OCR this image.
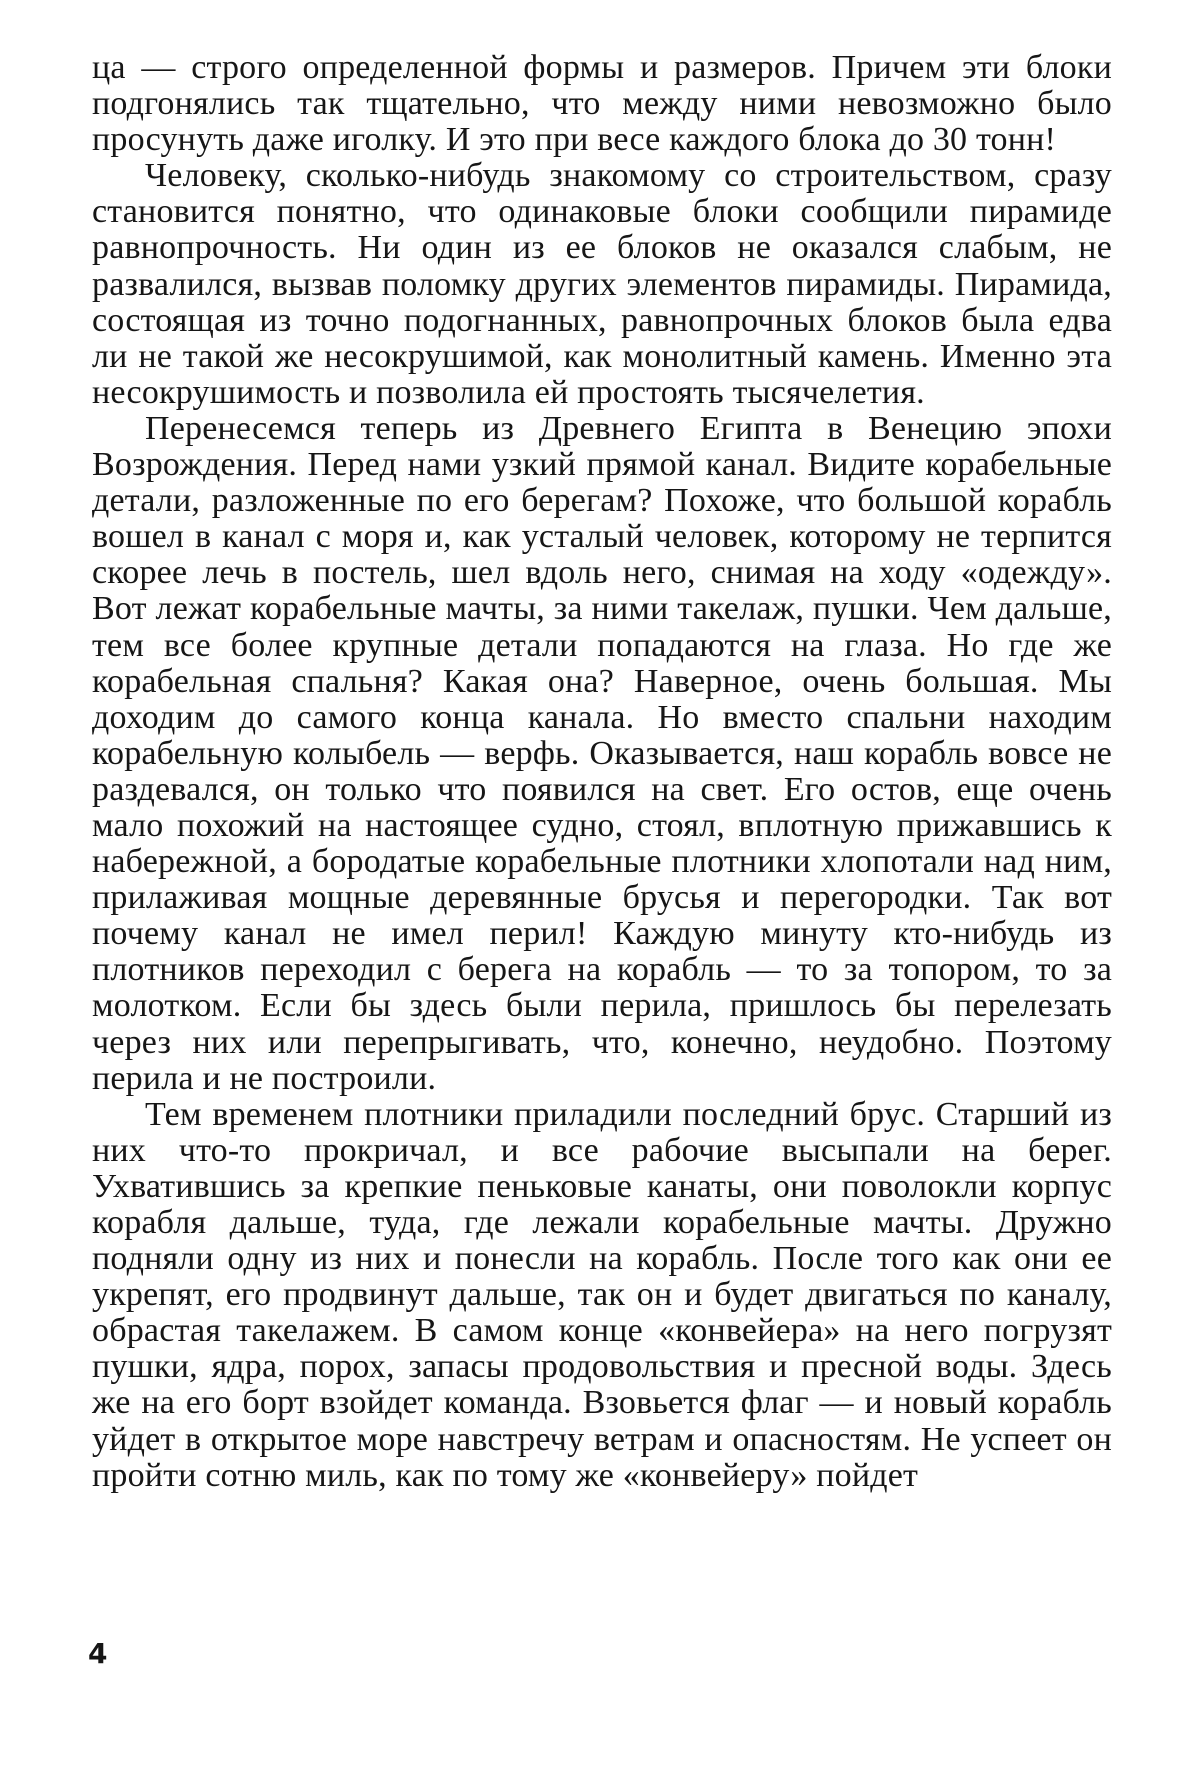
ца — строго определенной формы и размеров. Причем эти блоки подгонялись так тщательно, что между ними невозможно было просунуть даже иголку. И это при весе каждого блока до 30 тонн!

Человеку, сколько-нибудь знакомому со строительством, сразу становится понятно, что одинаковые блоки сообщили пирамиде равнопрочность. Ни один из ее блоков не оказался слабым, не развалился, вызвав поломку других элементов пирамиды. Пирамида, состоящая из точно подогнанных, равнопрочных блоков была едва ли не такой же несокрушимой, как монолитный камень. Именно эта несокрушимость и позволила ей простоять тысячелетия.

Перенесемся теперь из Древнего Египта в Венецию эпохи Возрождения. Перед нами узкий прямой канал. Видите корабельные детали, разложенные по его берегам? Похоже, что большой корабль вошел в канал с моря и, как усталый человек, которому не терпится скорее лечь в постель, шел вдоль него, снимая на ходу «одежду». Вот лежат корабельные мачты, за ними такелаж, пушки. Чем дальше, тем все более крупные детали попадаются на глаза. Но где же корабельная спальня? Какая она? Наверное, очень большая. Мы доходим до самого конца канала. Но вместо спальни находим корабельную колыбель — верфь. Оказывается, наш корабль вовсе не раздевался, он только что появился на свет. Его остов, еще очень мало похожий на настоящее судно, стоял, вплотную прижавшись к набережной, а бородатые корабельные плотники хлопотали над ним, прилаживая мощные деревянные брусья и перегородки. Так вот почему канал не имел перил! Каждую минуту кто-нибудь из плотников переходил с берега на корабль — то за топором, то за молотком. Если бы здесь были перила, пришлось бы перелезать через них или перепрыгивать, что, конечно, неудобно. Поэтому перила и не построили.

Тем временем плотники приладили последний брус. Старший из них что-то прокричал, и все рабочие высыпали на берег. Ухватившись за крепкие пеньковые канаты, они поволокли корпус корабля дальше, туда, где лежали корабельные мачты. Дружно подняли одну из них и понесли на корабль. После того как они ее укрепят, его продвинут дальше, так он и будет двигаться по каналу, обрастая такелажем. В самом конце «конвейера» на него погрузят пушки, ядра, порох, запасы продовольствия и пресной воды. Здесь же на его борт взойдет команда. Взовьется флаг — и новый корабль уйдет в открытое море навстречу ветрам и опасностям. Не успеет он пройти сотню миль, как по тому же «конвейеру» пойдет

4
